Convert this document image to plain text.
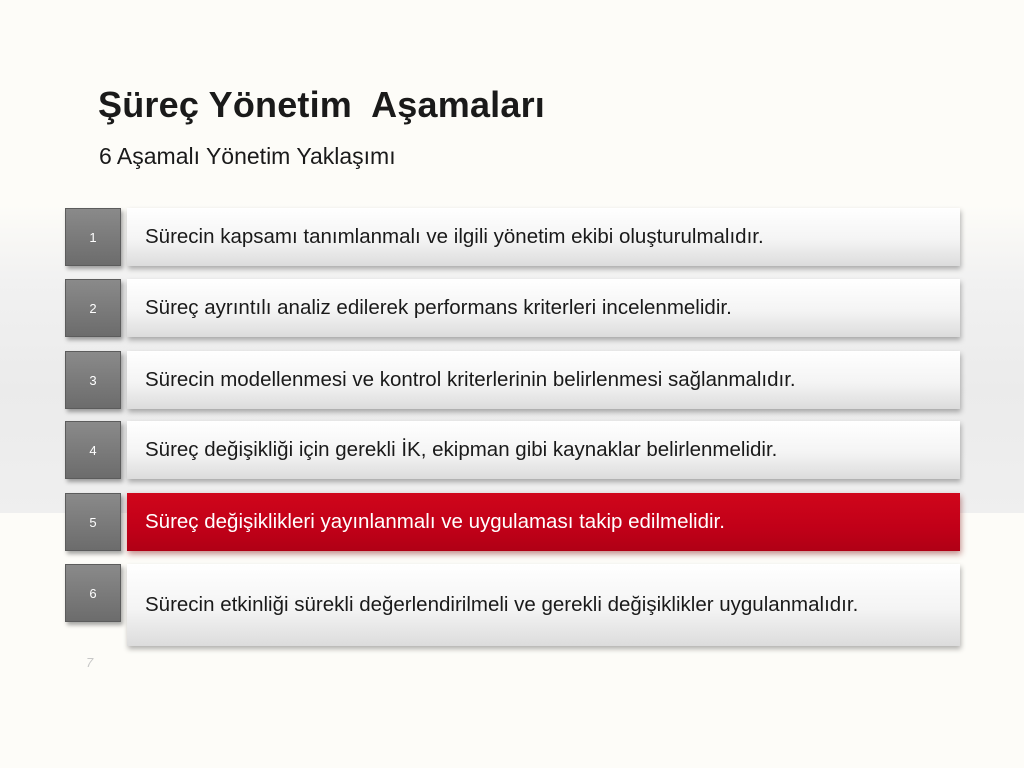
Şüreç Yönetim  Aşamaları
6 Aşamalı Yönetim Yaklaşımı
1	Sürecin kapsamı tanımlanmalı ve ilgili yönetim ekibi oluşturulmalıdır.
2	Süreç ayrıntılı analiz edilerek performans kriterleri incelenmelidir.
3	Sürecin modellenmesi ve kontrol kriterlerinin belirlenmesi sağlanmalıdır.
4	Süreç değişikliği için gerekli İK, ekipman gibi kaynaklar belirlenmelidir.
5	Süreç değişiklikleri yayınlanmalı ve uygulaması takip edilmelidir.
6	Sürecin etkinliği sürekli değerlendirilmeli ve gerekli değişiklikler uygulanmalıdır.
7
